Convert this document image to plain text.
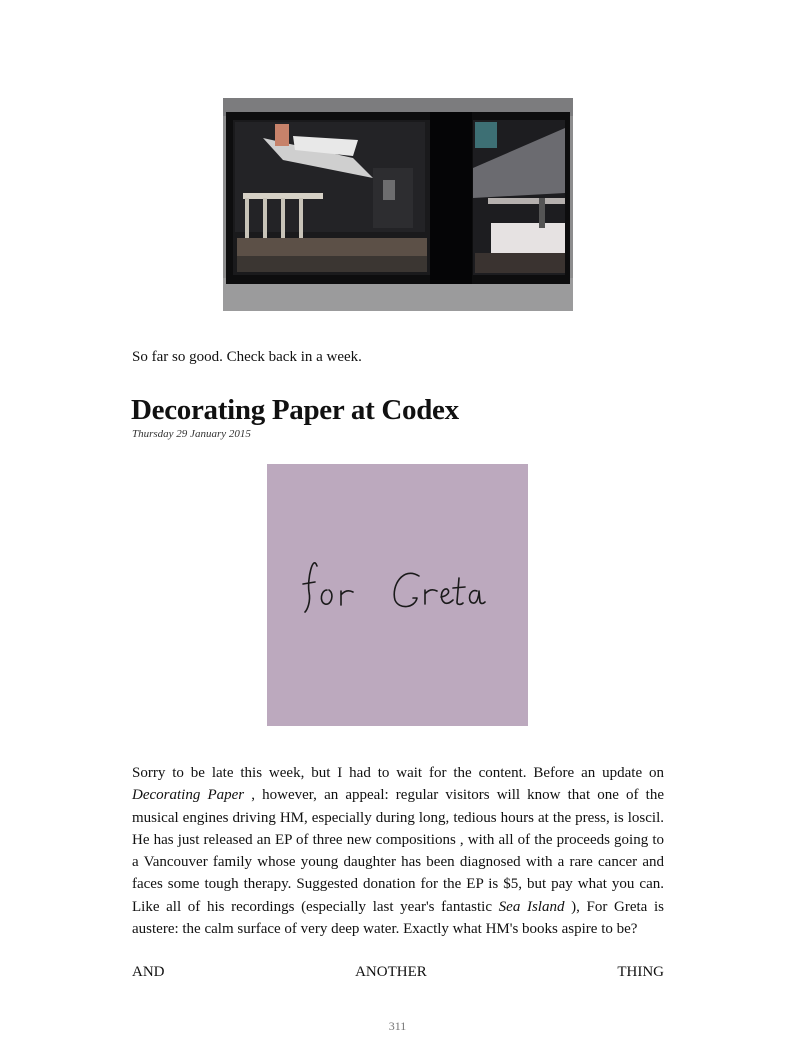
So far so good. Check back in a week.
Decorating Paper at Codex
Thursday 29 January 2015

Sorry to be late this week, but I had to wait for the content. Before an update on Decorating Paper , however, an appeal: regular visitors will know that one of the musical engines driving HM, especially during long, tedious hours at the press, is loscil. He has just released an EP of three new compositions , with all of the proceeds going to a Vancouver family whose young daughter has been diagnosed with a rare cancer and faces some tough therapy. Suggested donation for the EP is $5, but pay what you can. Like all of his recordings (especially last year's fantastic Sea Island ), For Greta is austere: the calm surface of very deep water. Exactly what HM's books aspire to be?

AND	ANOTHER	THING
311
